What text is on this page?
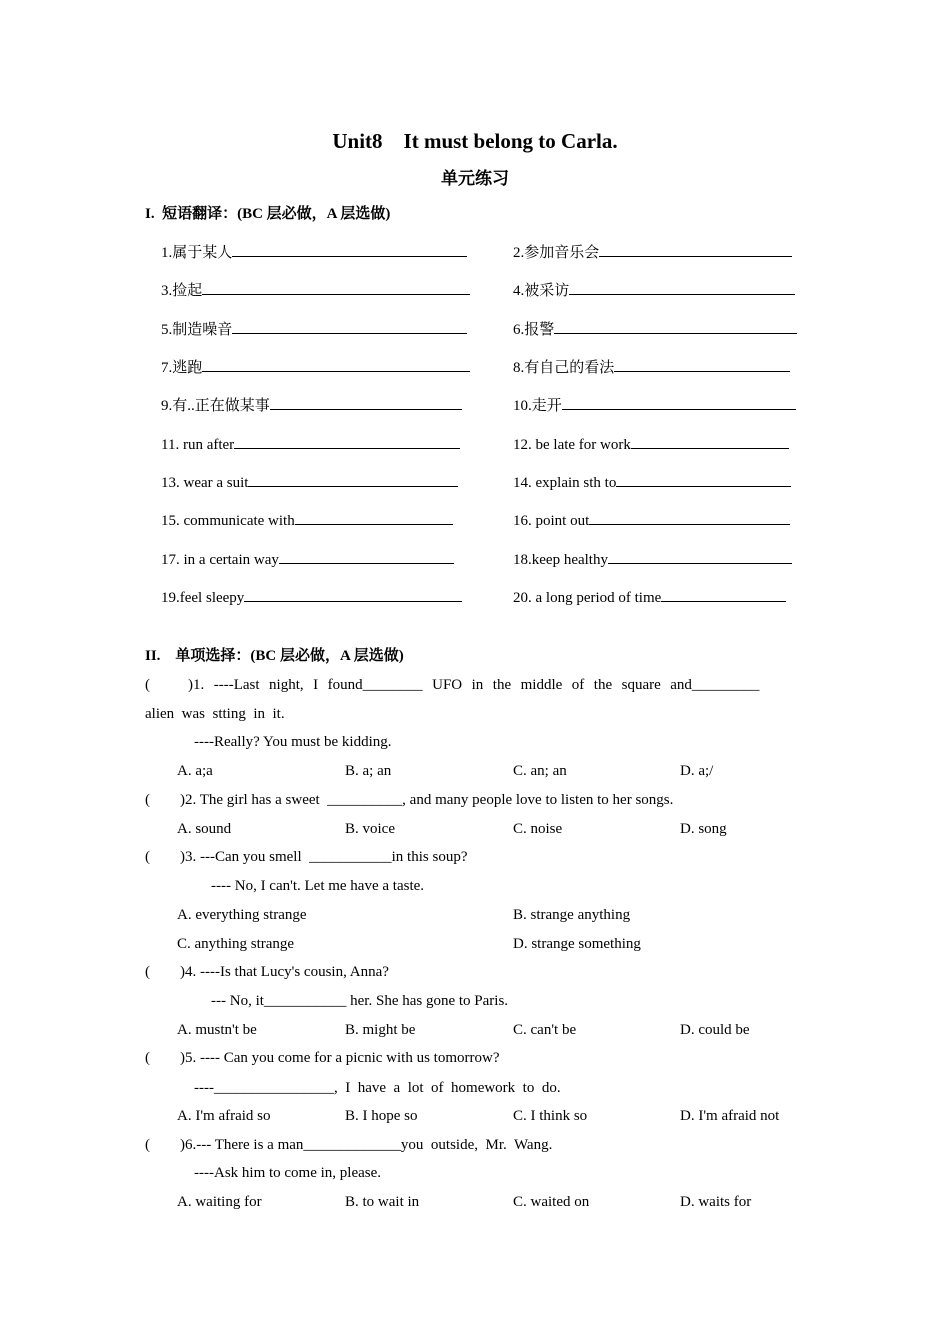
Unit8    It must belong to Carla.
单元练习
I.  短语翻译：(BC 层必做，A 层选做)
1.属于某人	2.参加音乐会
3.捡起	4.被采访
5.制造噪音	6.报警
7.逃跑	8.有自己的看法
9.有..正在做某事	10.走开
11. run after	12. be late for work
13. wear a suit	14. explain sth to
15. communicate with	16. point out
17. in a certain way	18.keep healthy
19.feel sleepy	20. a long period of time
II.    单项选择：(BC 层必做，A 层选做)
(        )1.  ----Last  night,  I  found________  UFO  in  the  middle  of  the  square  and_________
alien  was  stting  in  it.
----Really? You must be kidding.
A. a;a	B. a; an	C. an; an	D. a;/
(        )2. The girl has a sweet  __________, and many people love to listen to her songs.
A. sound	B. voice	C. noise	D. song
(        )3. ---Can you smell  ___________in this soup?
---- No, I can't. Let me have a taste.
A. everything strange	B. strange anything
C. anything strange	D. strange something
(        )4. ----Is that Lucy's cousin, Anna?
--- No, it___________ her. She has gone to Paris.
A. mustn't be	B. might be	C. can't be	D. could be
(        )5. ---- Can you come for a picnic with us tomorrow?
----________________,  I  have  a  lot  of  homework  to  do.
A. I'm afraid so	B. I hope so	C. I think so	D. I'm afraid not
(        )6.--- There is a man_____________you  outside,  Mr.  Wang.
----Ask him to come in, please.
A. waiting for	B. to wait in	C. waited on	D. waits for
